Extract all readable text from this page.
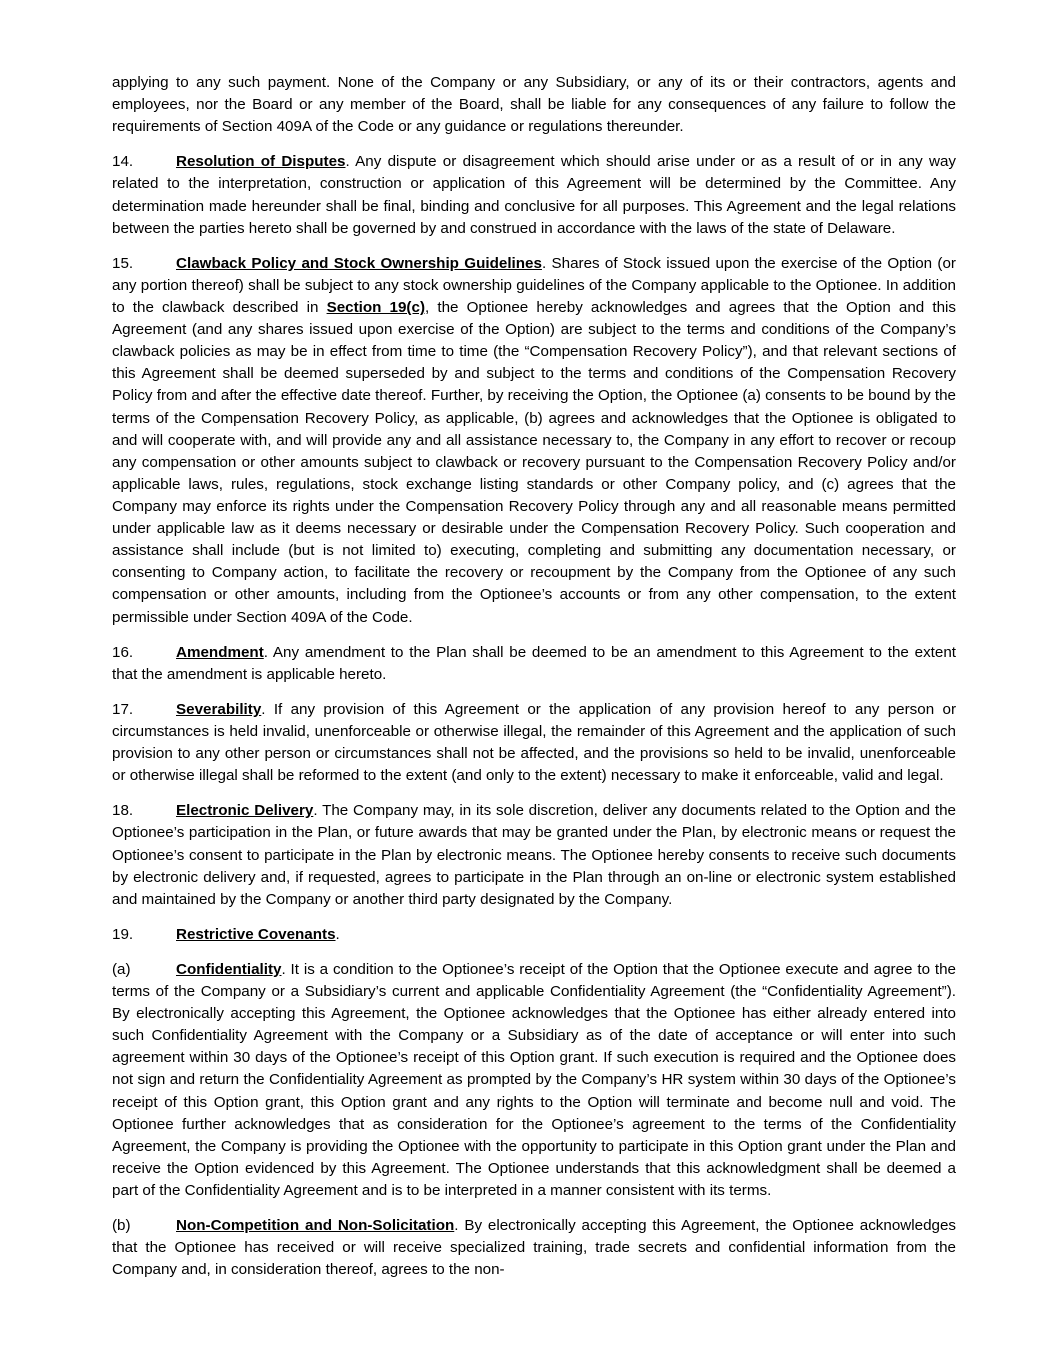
applying to any such payment. None of the Company or any Subsidiary, or any of its or their contractors, agents and employees, nor the Board or any member of the Board, shall be liable for any consequences of any failure to follow the requirements of Section 409A of the Code or any guidance or regulations thereunder.

14.	Resolution of Disputes. Any dispute or disagreement which should arise under or as a result of or in any way related to the interpretation, construction or application of this Agreement will be determined by the Committee. Any determination made hereunder shall be final, binding and conclusive for all purposes. This Agreement and the legal relations between the parties hereto shall be governed by and construed in accordance with the laws of the state of Delaware.

15.	Clawback Policy and Stock Ownership Guidelines. Shares of Stock issued upon the exercise of the Option (or any portion thereof) shall be subject to any stock ownership guidelines of the Company applicable to the Optionee. In addition to the clawback described in Section 19(c), the Optionee hereby acknowledges and agrees that the Option and this Agreement (and any shares issued upon exercise of the Option) are subject to the terms and conditions of the Company’s clawback policies as may be in effect from time to time (the “Compensation Recovery Policy”), and that relevant sections of this Agreement shall be deemed superseded by and subject to the terms and conditions of the Compensation Recovery Policy from and after the effective date thereof. Further, by receiving the Option, the Optionee (a) consents to be bound by the terms of the Compensation Recovery Policy, as applicable, (b) agrees and acknowledges that the Optionee is obligated to and will cooperate with, and will provide any and all assistance necessary to, the Company in any effort to recover or recoup any compensation or other amounts subject to clawback or recovery pursuant to the Compensation Recovery Policy and/or applicable laws, rules, regulations, stock exchange listing standards or other Company policy, and (c) agrees that the Company may enforce its rights under the Compensation Recovery Policy through any and all reasonable means permitted under applicable law as it deems necessary or desirable under the Compensation Recovery Policy. Such cooperation and assistance shall include (but is not limited to) executing, completing and submitting any documentation necessary, or consenting to Company action, to facilitate the recovery or recoupment by the Company from the Optionee of any such compensation or other amounts, including from the Optionee’s accounts or from any other compensation, to the extent permissible under Section 409A of the Code.

16.	Amendment. Any amendment to the Plan shall be deemed to be an amendment to this Agreement to the extent that the amendment is applicable hereto.

17.	Severability. If any provision of this Agreement or the application of any provision hereof to any person or circumstances is held invalid, unenforceable or otherwise illegal, the remainder of this Agreement and the application of such provision to any other person or circumstances shall not be affected, and the provisions so held to be invalid, unenforceable or otherwise illegal shall be reformed to the extent (and only to the extent) necessary to make it enforceable, valid and legal.

18.	Electronic Delivery. The Company may, in its sole discretion, deliver any documents related to the Option and the Optionee’s participation in the Plan, or future awards that may be granted under the Plan, by electronic means or request the Optionee’s consent to participate in the Plan by electronic means. The Optionee hereby consents to receive such documents by electronic delivery and, if requested, agrees to participate in the Plan through an on-line or electronic system established and maintained by the Company or another third party designated by the Company.

19.	Restrictive Covenants.

(a)	Confidentiality. It is a condition to the Optionee’s receipt of the Option that the Optionee execute and agree to the terms of the Company or a Subsidiary’s current and applicable Confidentiality Agreement (the “Confidentiality Agreement”). By electronically accepting this Agreement, the Optionee acknowledges that the Optionee has either already entered into such Confidentiality Agreement with the Company or a Subsidiary as of the date of acceptance or will enter into such agreement within 30 days of the Optionee’s receipt of this Option grant. If such execution is required and the Optionee does not sign and return the Confidentiality Agreement as prompted by the Company’s HR system within 30 days of the Optionee’s receipt of this Option grant, this Option grant and any rights to the Option will terminate and become null and void. The Optionee further acknowledges that as consideration for the Optionee’s agreement to the terms of the Confidentiality Agreement, the Company is providing the Optionee with the opportunity to participate in this Option grant under the Plan and receive the Option evidenced by this Agreement. The Optionee understands that this acknowledgment shall be deemed a part of the Confidentiality Agreement and is to be interpreted in a manner consistent with its terms.

(b)	Non-Competition and Non-Solicitation. By electronically accepting this Agreement, the Optionee acknowledges that the Optionee has received or will receive specialized training, trade secrets and confidential information from the Company and, in consideration thereof, agrees to the non-
